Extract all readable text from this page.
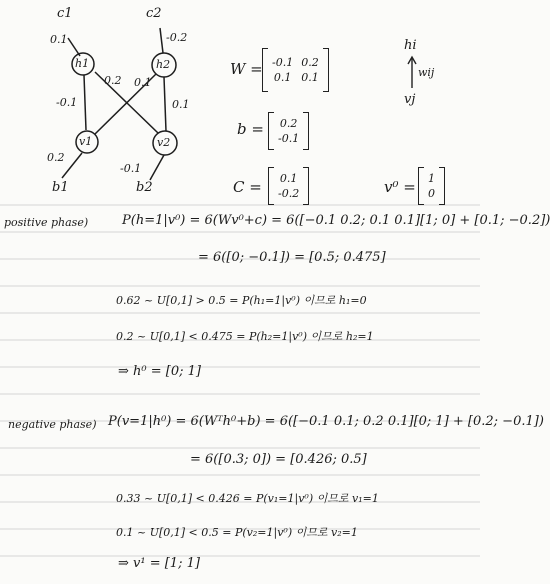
c1	c2
0.1	-0.2
h1	h2
v1	v2
-0.1
0.2 0.1
0.1
0.2
-0.1
b1	b2
W = -0.1	0.2
0.1	0.1
b = 0.2
-0.1
C = 0.1
-0.2
hi
wij
vj
v⁰ = 1
0
positive phase)	P(h=1|v⁰) = 6(Wv⁰+c) = 6([−0.1 0.2; 0.1 0.1][1; 0] + [0.1; −0.2])
= 6([0; −0.1]) = [0.5; 0.475]
0.62 ~ U[0,1] > 0.5 = P(h₁=1|v⁰) 이므로 h₁=0
0.2 ~ U[0,1] < 0.475 = P(h₂=1|v⁰) 이므로 h₂=1
⇒ h⁰ = [0; 1]
negative phase) P(v=1|h⁰) = 6(Wᵀh⁰+b) = 6([−0.1 0.1; 0.2 0.1][0; 1] + [0.2; −0.1])
= 6([0.3; 0]) = [0.426; 0.5]
0.33 ~ U[0,1] < 0.426 = P(v₁=1|v⁰) 이므로 v₁=1
0.1 ~ U[0,1] < 0.5 = P(v₂=1|v⁰) 이므로 v₂=1
⇒ v¹ = [1; 1]
